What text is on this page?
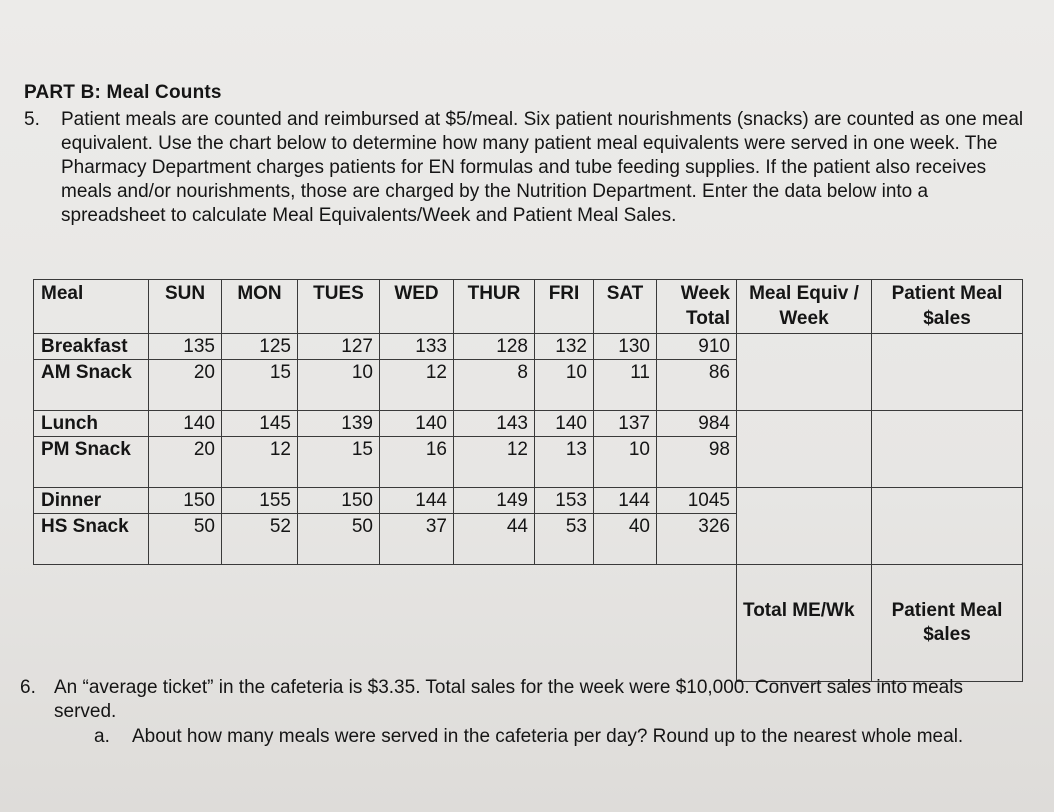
PART B: Meal Counts
5. Patient meals are counted and reimbursed at $5/meal. Six patient nourishments (snacks) are counted as one meal equivalent. Use the chart below to determine how many patient meal equivalents were served in one week. The Pharmacy Department charges patients for EN formulas and tube feeding supplies. If the patient also receives meals and/or nourishments, those are charged by the Nutrition Department. Enter the data below into a spreadsheet to calculate Meal Equivalents/Week and Patient Meal Sales.
Meal	SUN	MON	TUES	WED	THUR	FRI	SAT	Week Total	Meal Equiv / Week	Patient Meal $ales
Breakfast	135	125	127	133	128	132	130	910		
AM Snack	20	15	10	12	8	10	11	86		
Lunch	140	145	139	140	143	140	137	984		
PM Snack	20	12	15	16	12	13	10	98		
Dinner	150	155	150	144	149	153	144	1045		
HS Snack	50	52	50	37	44	53	40	326		
									Total ME/Wk	Patient Meal $ales
6. An “average ticket” in the cafeteria is $3.35. Total sales for the week were $10,000. Convert sales into meals served.
a. About how many meals were served in the cafeteria per day? Round up to the nearest whole meal.
